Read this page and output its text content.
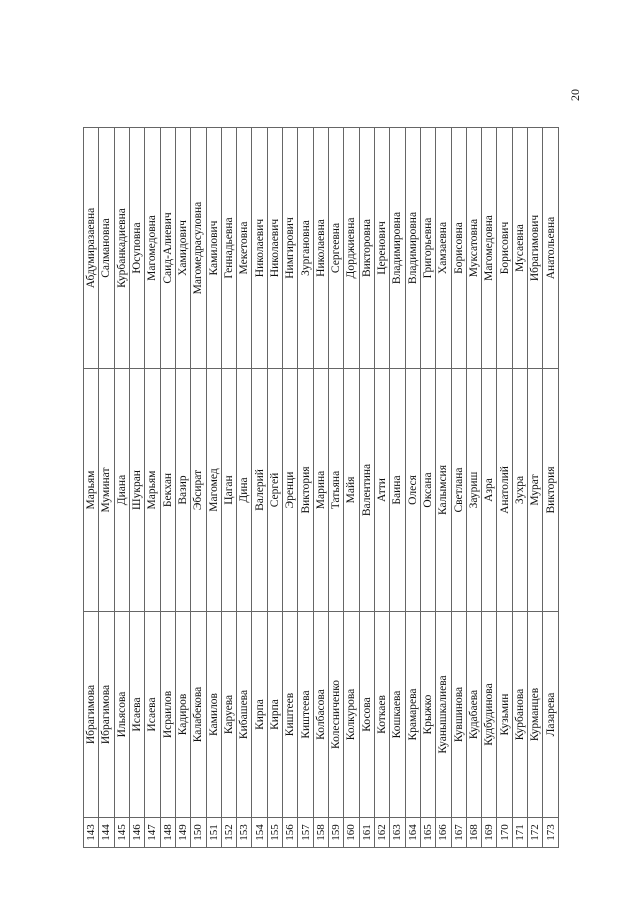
20
143	Ибрагимова	Марьям	Абдумиразаевна
144	Ибрагимова	Муминат	Салмановна
145	Ильясова	Диана	Курбанкадиевна
146	Исаева	Шукран	Юсуповна
147	Исаева	Марьям	Магомедовна
148	Исраилов	Бекхан	Саид-Алиевич
149	Кадиров	Вазир	Хамидович
150	Калабекова	Эбсират	Магомедрасуловна
151	Камилов	Магомед	Камилович
152	Каруева	Цаган	Геннадьевна
153	Кибашева	Дина	Мекетовна
154	Кирпа	Валерий	Николаевич
155	Кирпа	Сергей	Николаевич
156	Киштеев	Эренци	Нимгирович
157	Киштеева	Виктория	Зургановна
158	Колбасова	Марина	Николаевна
159	Колесниченко	Татьяна	Сергеевна
160	Колкурова	Майя	Дорджиевна
161	Косова	Валентина	Викторовна
162	Коткаев	Атти	Церенович
163	Кошкаева	Баина	Владимировна
164	Крамарева	Олеся	Владимировна
165	Крыжко	Оксана	Григорьевна
166	Куанышкалиева	Калымсия	Хамзаевна
167	Кувшинова	Светлана	Борисовна
168	Кудабаева	Зауриш	Мукса​товна
169	Кудбудинова	Азра	Магомедовна
170	Кузьмин	Анатолий	Борисович
171	Курбанова	Зухра	Мусаевна
172	Курманцев	Мурат	Ибрагимович
173	Лазарева	Виктория	Анатольевна
